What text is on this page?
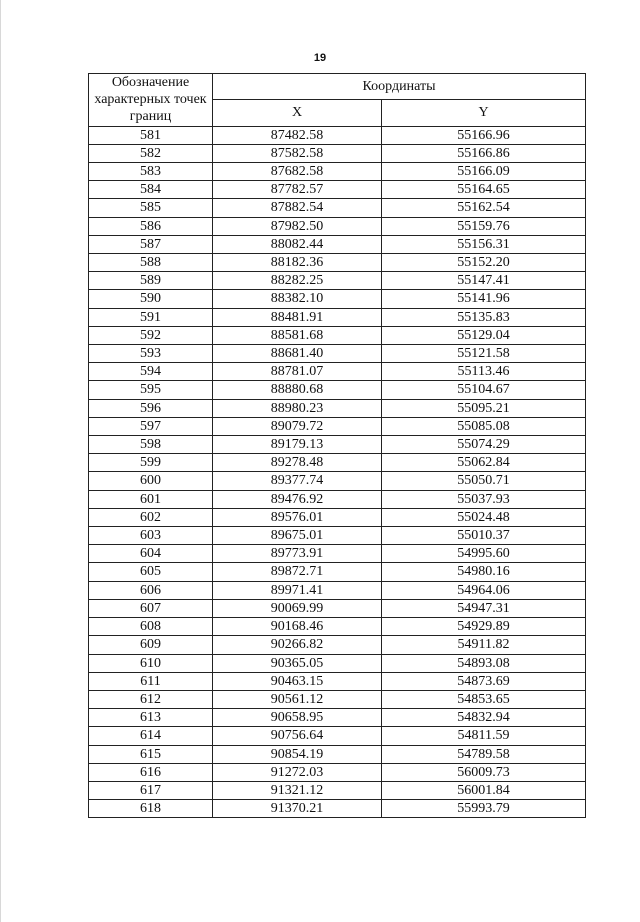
19
Обозначение характерных точек границ	Координаты	
	X	Y
581	87482.58	55166.96
582	87582.58	55166.86
583	87682.58	55166.09
584	87782.57	55164.65
585	87882.54	55162.54
586	87982.50	55159.76
587	88082.44	55156.31
588	88182.36	55152.20
589	88282.25	55147.41
590	88382.10	55141.96
591	88481.91	55135.83
592	88581.68	55129.04
593	88681.40	55121.58
594	88781.07	55113.46
595	88880.68	55104.67
596	88980.23	55095.21
597	89079.72	55085.08
598	89179.13	55074.29
599	89278.48	55062.84
600	89377.74	55050.71
601	89476.92	55037.93
602	89576.01	55024.48
603	89675.01	55010.37
604	89773.91	54995.60
605	89872.71	54980.16
606	89971.41	54964.06
607	90069.99	54947.31
608	90168.46	54929.89
609	90266.82	54911.82
610	90365.05	54893.08
611	90463.15	54873.69
612	90561.12	54853.65
613	90658.95	54832.94
614	90756.64	54811.59
615	90854.19	54789.58
616	91272.03	56009.73
617	91321.12	56001.84
618	91370.21	55993.79
